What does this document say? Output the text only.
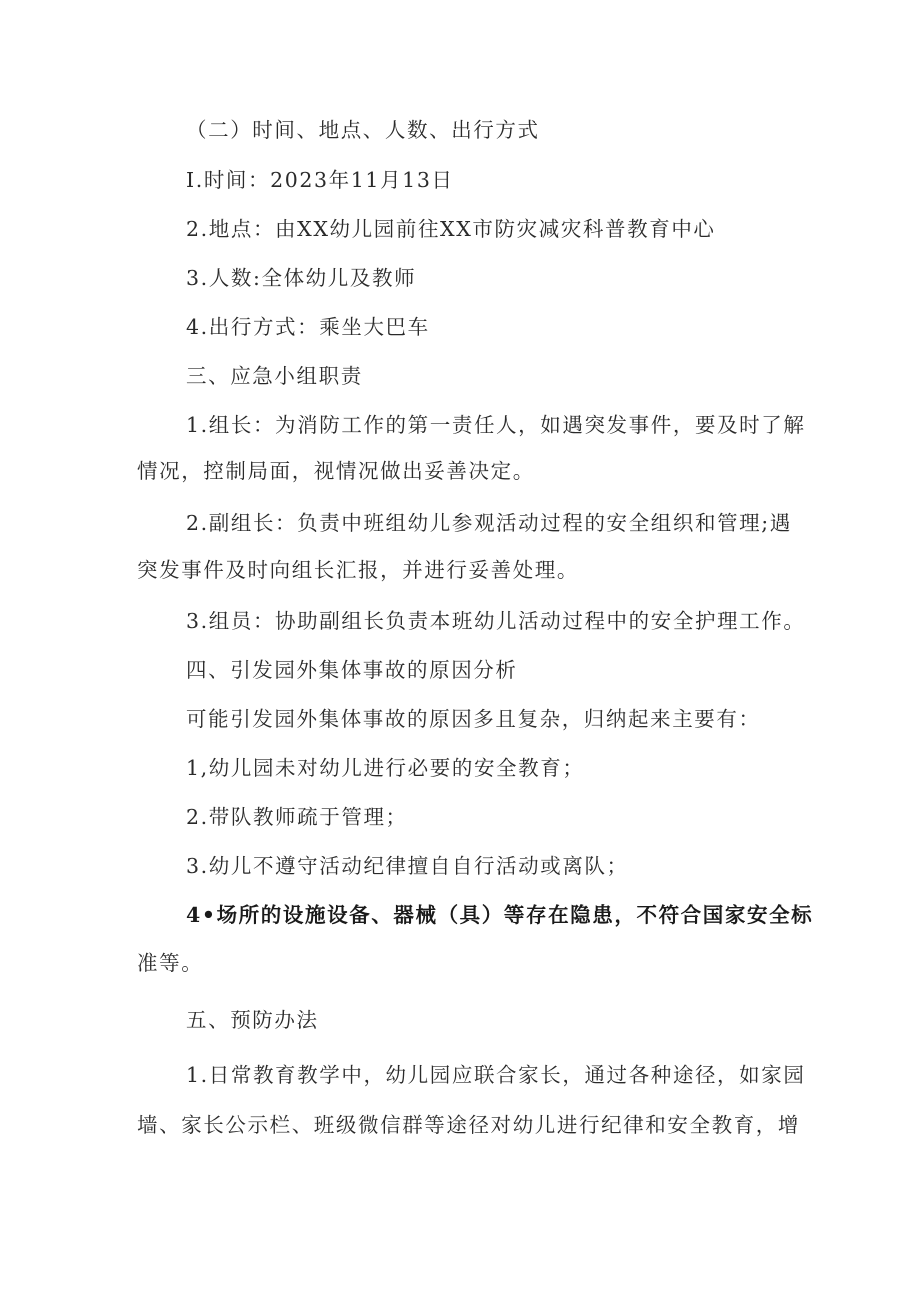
（二）时间、地点、人数、出行方式
I.时间：2023年11月13日
2.地点：由XX幼儿园前往XX市防灾减灾科普教育中心
3.人数:全体幼儿及教师
4.出行方式：乘坐大巴车
三、应急小组职责
1.组长：为消防工作的第一责任人，如遇突发事件，要及时了解
情况，控制局面，视情况做出妥善决定。
2.副组长：负责中班组幼儿参观活动过程的安全组织和管理;遇
突发事件及时向组长汇报，并进行妥善处理。
3.组员：协助副组长负责本班幼儿活动过程中的安全护理工作。
四、引发园外集体事故的原因分析
可能引发园外集体事故的原因多且复杂，归纳起来主要有：
1,幼儿园未对幼儿进行必要的安全教育；
2.带队教师疏于管理；
3.幼儿不遵守活动纪律擅自自行活动或离队；
4•场所的设施设备、器械（具）等存在隐患，不符合国家安全标
准等。
五、预防办法
1.日常教育教学中，幼儿园应联合家长，通过各种途径，如家园
墙、家长公示栏、班级微信群等途径对幼儿进行纪律和安全教育，增
